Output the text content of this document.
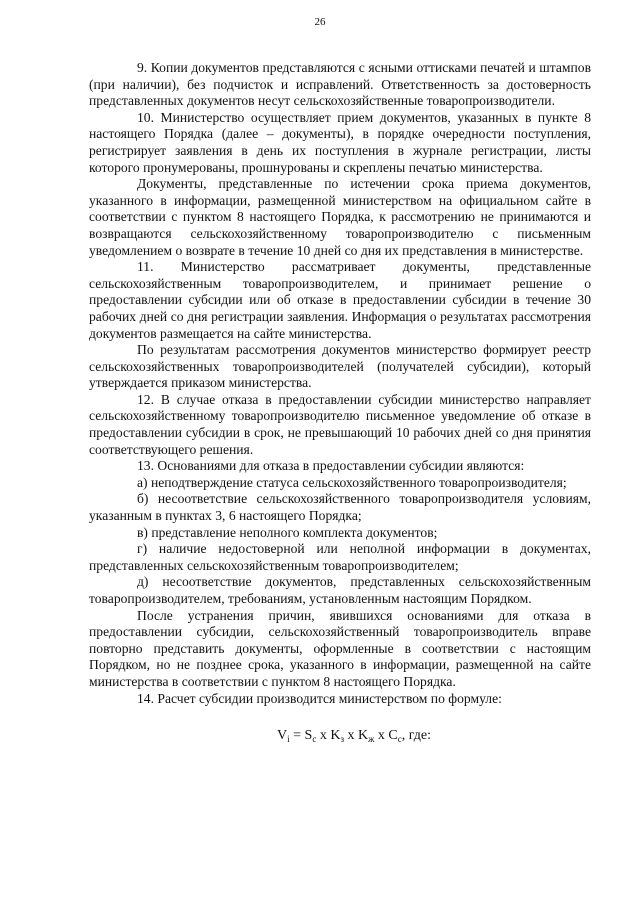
26

9. Копии документов представляются с ясными оттисками печатей и штампов (при наличии), без подчисток и исправлений. Ответственность за достоверность представленных документов несут сельскохозяйственные товаропроизводители.

10. Министерство осуществляет прием документов, указанных в пункте 8 настоящего Порядка (далее – документы), в порядке очередности поступления, регистрирует заявления в день их поступления в журнале регистрации, листы которого пронумерованы, прошнурованы и скреплены печатью министерства.

Документы, представленные по истечении срока приема документов, указанного в информации, размещенной министерством на официальном сайте в соответствии с пунктом 8 настоящего Порядка, к рассмотрению не принимаются и возвращаются сельскохозяйственному товаропроизводителю с письменным уведомлением о возврате в течение 10 дней со дня их представления в министерстве.

11. Министерство рассматривает документы, представленные сельскохозяйственным товаропроизводителем, и принимает решение о предоставлении субсидии или об отказе в предоставлении субсидии в течение 30 рабочих дней со дня регистрации заявления. Информация о результатах рассмотрения документов размещается на сайте министерства.

По результатам рассмотрения документов министерство формирует реестр сельскохозяйственных товаропроизводителей (получателей субсидии), который утверждается приказом министерства.

12. В случае отказа в предоставлении субсидии министерство направляет сельскохозяйственному товаропроизводителю письменное уведомление об отказе в предоставлении субсидии в срок, не превышающий 10 рабочих дней со дня принятия соответствующего решения.

13. Основаниями для отказа в предоставлении субсидии являются:

а) неподтверждение статуса сельскохозяйственного товаропроизводителя;

б) несоответствие сельскохозяйственного товаропроизводителя условиям, указанным в пунктах 3, 6 настоящего Порядка;

в) представление неполного комплекта документов;

г) наличие недостоверной или неполной информации в документах, представленных сельскохозяйственным товаропроизводителем;

д) несоответствие документов, представленных сельскохозяйственным товаропроизводителем, требованиям, установленным настоящим Порядком.

После устранения причин, явившихся основаниями для отказа в предоставлении субсидии, сельскохозяйственный товаропроизводитель вправе повторно представить документы, оформленные в соответствии с настоящим Порядком, но не позднее срока, указанного в информации, размещенной на сайте министерства в соответствии с пунктом 8 настоящего Порядка.

14. Расчет субсидии производится министерством по формуле:

$V_i = S_c$ x $K_з$ x $K_ж$ x $C_c$, где:
